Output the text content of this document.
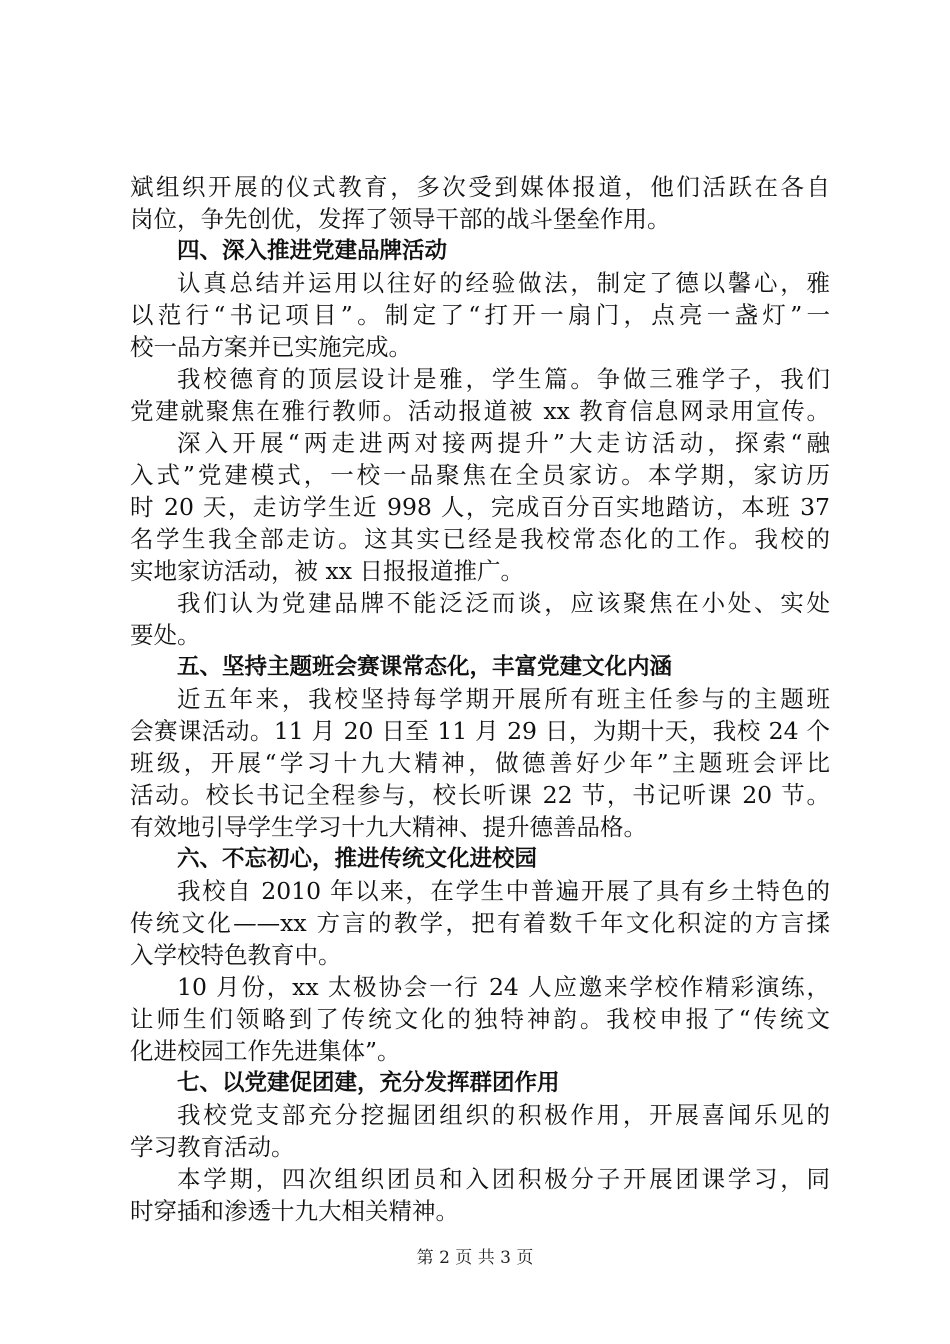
斌组织开展的仪式教育，多次受到媒体报道，他们活跃在各自
岗位，争先创优，发挥了领导干部的战斗堡垒作用。
四、深入推进党建品牌活动
认真总结并运用以往好的经验做法，制定了德以馨心，雅
以范行“书记项目”。制定了“打开一扇门，点亮一盏灯”一
校一品方案并已实施完成。
我校德育的顶层设计是雅，学生篇。争做三雅学子，我们
党建就聚焦在雅行教师。活动报道被 xx 教育信息网录用宣传。
深入开展“两走进两对接两提升”大走访活动，探索“融
入式”党建模式，一校一品聚焦在全员家访。本学期，家访历
时 20 天，走访学生近 998 人，完成百分百实地踏访，本班 37
名学生我全部走访。这其实已经是我校常态化的工作。我校的
实地家访活动，被 xx 日报报道推广。
我们认为党建品牌不能泛泛而谈，应该聚焦在小处、实处
要处。
五、坚持主题班会赛课常态化，丰富党建文化内涵
近五年来，我校坚持每学期开展所有班主任参与的主题班
会赛课活动。11 月 20 日至 11 月 29 日，为期十天，我校 24 个
班级，开展“学习十九大精神，做德善好少年”主题班会评比
活动。校长书记全程参与，校长听课 22 节，书记听课 20 节。
有效地引导学生学习十九大精神、提升德善品格。
六、不忘初心，推进传统文化进校园
我校自 2010 年以来，在学生中普遍开展了具有乡土特色的
传统文化——xx 方言的教学，把有着数千年文化积淀的方言揉
入学校特色教育中。
10 月份，xx 太极协会一行 24 人应邀来学校作精彩演练，
让师生们领略到了传统文化的独特神韵。我校申报了“传统文
化进校园工作先进集体”。
七、以党建促团建，充分发挥群团作用
我校党支部充分挖掘团组织的积极作用，开展喜闻乐见的
学习教育活动。
本学期，四次组织团员和入团积极分子开展团课学习，同
时穿插和渗透十九大相关精神。
第 2 页 共 3 页
